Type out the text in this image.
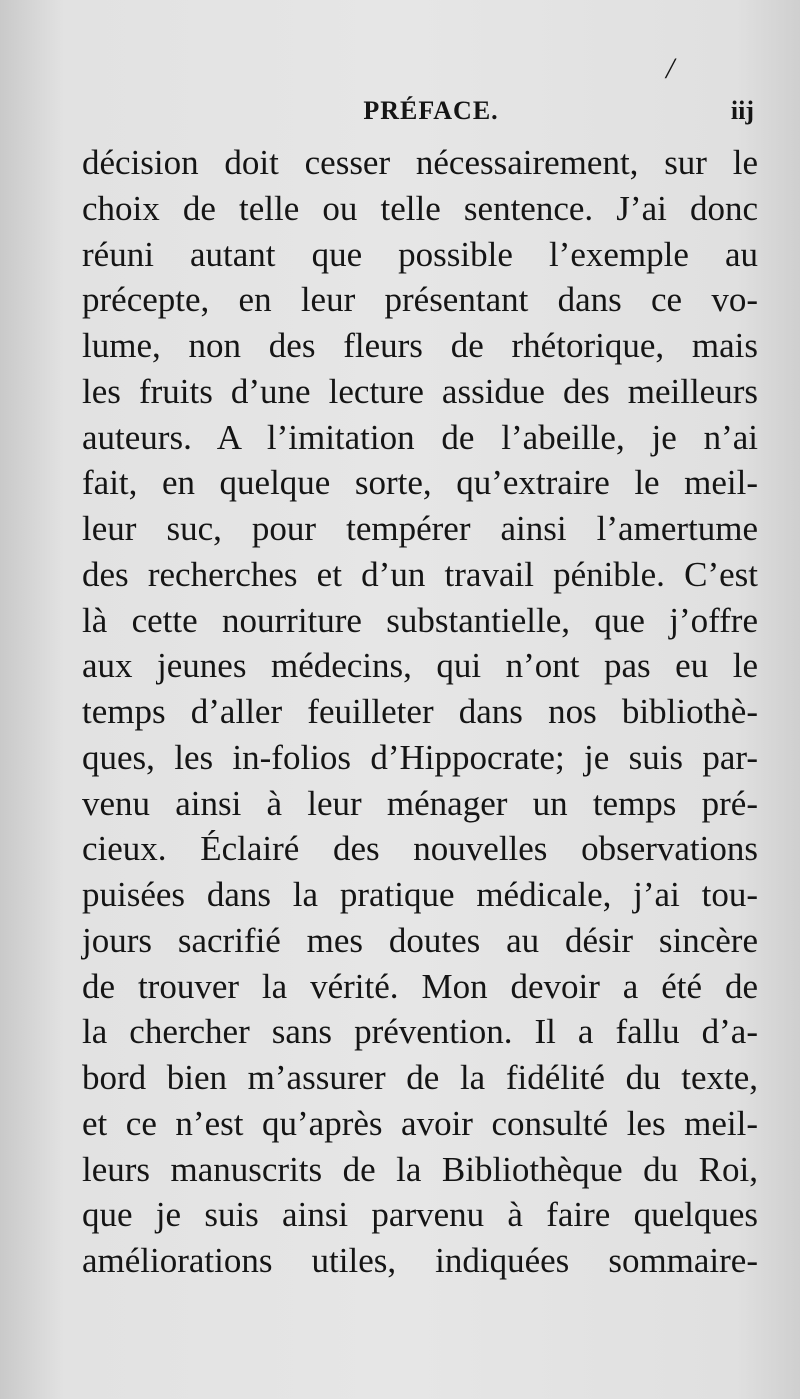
/
PRÉFACE.	iij
décision doit cesser nécessairement, sur le
choix de telle ou telle sentence. J’ai donc
réuni autant que possible l’exemple au
précepte, en leur présentant dans ce vo-
lume, non des fleurs de rhétorique, mais
les fruits d’une lecture assidue des meilleurs
auteurs. A l’imitation de l’abeille, je n’ai
fait, en quelque sorte, qu’extraire le meil-
leur suc, pour tempérer ainsi l’amertume
des recherches et d’un travail pénible. C’est
là cette nourriture substantielle, que j’offre
aux jeunes médecins, qui n’ont pas eu le
temps d’aller feuilleter dans nos bibliothè-
ques, les in-folios d’Hippocrate; je suis par-
venu ainsi à leur ménager un temps pré-
cieux. Éclairé des nouvelles observations
puisées dans la pratique médicale, j’ai tou-
jours sacrifié mes doutes au désir sincère
de trouver la vérité. Mon devoir a été de
la chercher sans prévention. Il a fallu d’a-
bord bien m’assurer de la fidélité du texte,
et ce n’est qu’après avoir consulté les meil-
leurs manuscrits de la Bibliothèque du Roi,
que je suis ainsi parvenu à faire quelques
améliorations utiles, indiquées sommaire-
